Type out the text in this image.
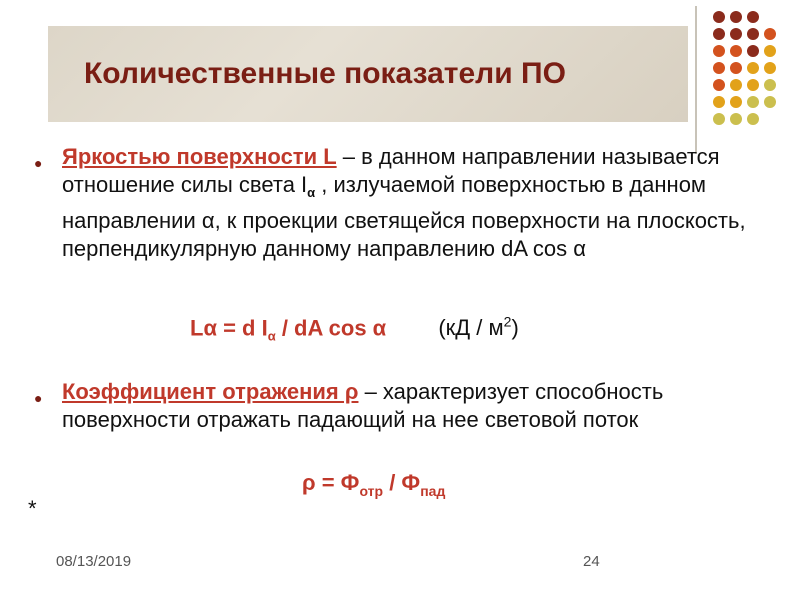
Количественные показатели ПО
● Яркостью поверхности L – в данном направлении называется отношение силы света $I_\alpha$ , излучаемой поверхностью в данном направлении α, к проекции светящейся поверхности на плоскость, перпендикулярную данному направлению dA cos α
Lα = d $I_\alpha$ / dA cos α $(кД / м^2)$
● Коэффициент отражения ρ – характеризует способность поверхности отражать падающий на нее световой поток
$\rho = Ф_{отр} / Ф_{пад}$
*
08/13/2019	24
